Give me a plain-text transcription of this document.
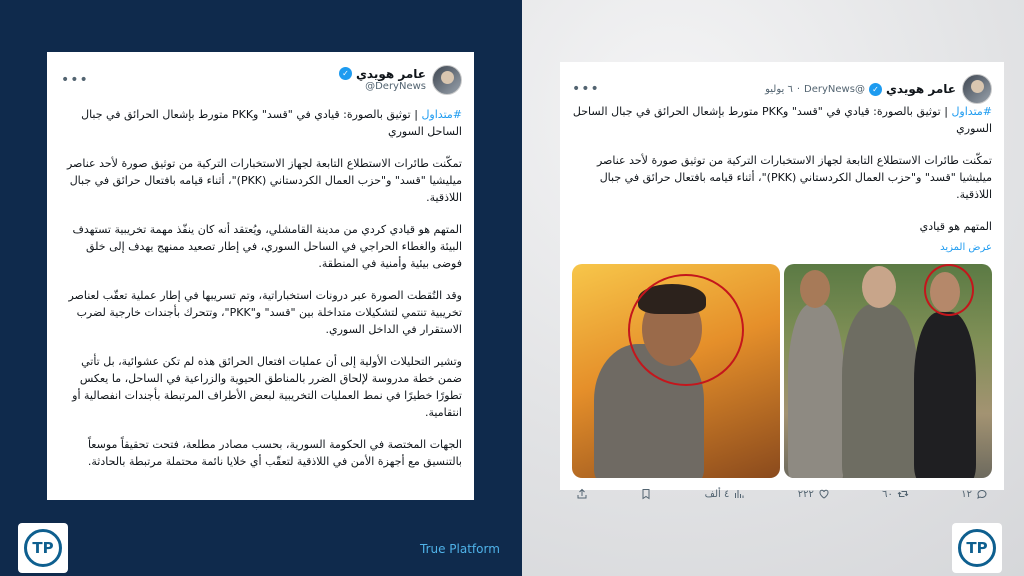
عامر هويدي
✓
@DeryNews
•••

#متداول | توثيق بالصورة: قيادي في "قسد" وPKK متورط بإشعال الحرائق في جبال الساحل السوري

تمكّنت طائرات الاستطلاع التابعة لجهاز الاستخبارات التركية من توثيق صورة لأحد عناصر ميليشيا "قسد" و"حزب العمال الكردستاني (PKK)"، أثناء قيامه بافتعال حرائق في جبال اللاذقية.

المتهم هو قيادي كردي من مدينة القامشلي، ويُعتقد أنه كان ينفّذ مهمة تخريبية تستهدف البيئة والغطاء الحراجي في الساحل السوري، في إطار تصعيد ممنهج يهدف إلى خلق فوضى بيئية وأمنية في المنطقة.

وقد التُقطت الصورة عبر درونات استخباراتية، وتم تسريبها في إطار عملية تعقّب لعناصر تخريبية تنتمي لتشكيلات متداخلة بين "قسد" و"PKK"، وتتحرك بأجندات خارجية لضرب الاستقرار في الداخل السوري.

وتشير التحليلات الأولية إلى أن عمليات افتعال الحرائق هذه لم تكن عشوائية، بل تأتي ضمن خطة مدروسة لإلحاق الضرر بالمناطق الحيوية والزراعية في الساحل، ما يعكس تطورًا خطيرًا في نمط العمليات التخريبية لبعض الأطراف المرتبطة بأجندات انفصالية أو انتقامية.

الجهات المختصة في الحكومة السورية، بحسب مصادر مطلعة، فتحت تحقيقاً موسعاً بالتنسيق مع أجهزة الأمن في اللاذقية لتعقّب أي خلايا نائمة محتملة مرتبطة بالحادثة.

عامر هويدي
✓
@DeryNews
·
٦ يوليو
•••

#متداول | توثيق بالصورة: قيادي في "قسد" وPKK متورط بإشعال الحرائق في جبال الساحل السوري

تمكّنت طائرات الاستطلاع التابعة لجهاز الاستخبارات التركية من توثيق صورة لأحد عناصر ميليشيا "قسد" و"حزب العمال الكردستاني (PKK)"، أثناء قيامه بافتعال حرائق في جبال اللاذقية.

المتهم هو قيادي

عرض المزيد
١٢
٦٠
٢٢٢
٤ ألف
TP	TP
True Platform
